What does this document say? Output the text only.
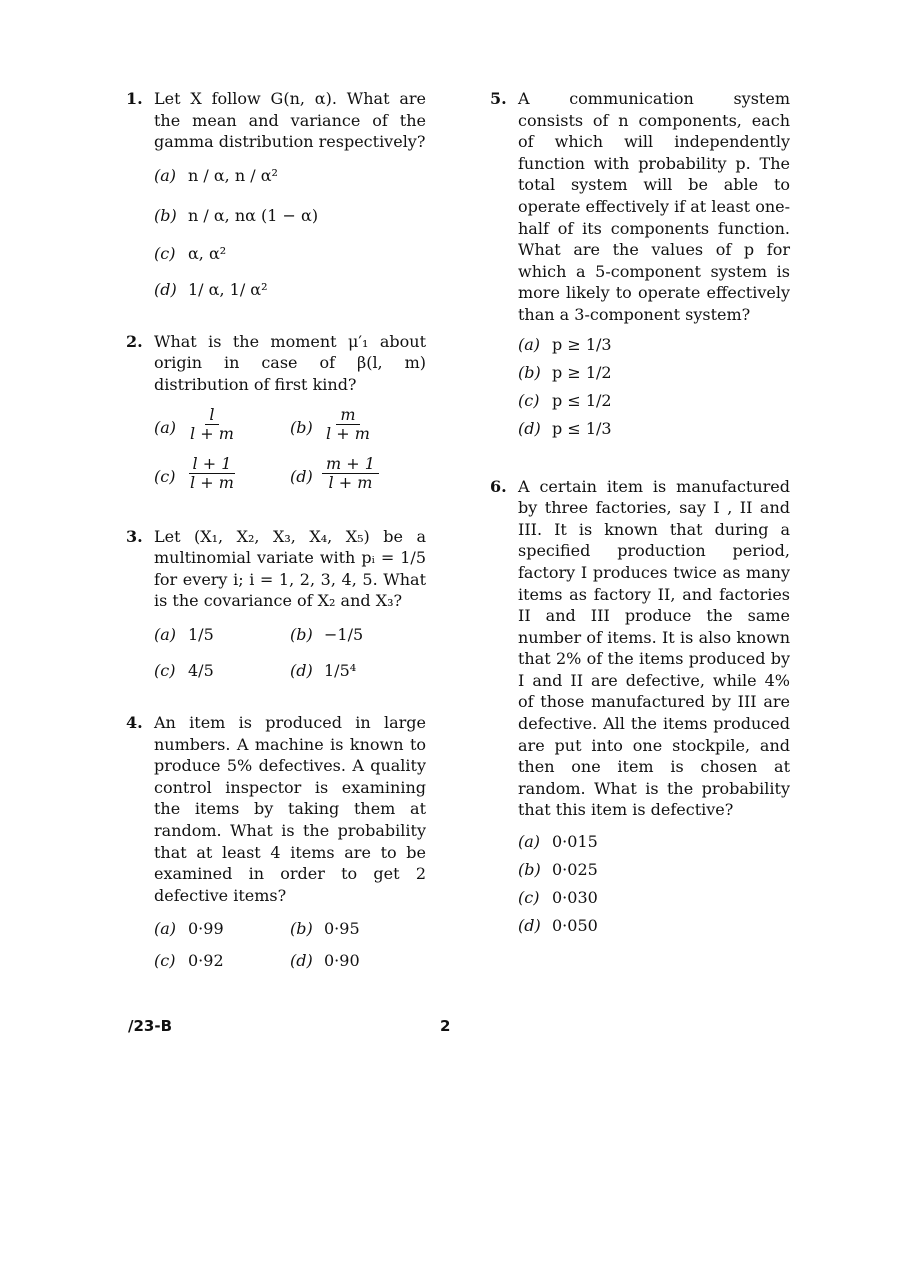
1. Let X follow G(n, α). What are the mean and variance of the gamma distribution respectively?
(a) n / α, n / α²
(b) n / α, nα (1 − α)
(c) α, α²
(d) 1/ α, 1/ α²
2. What is the moment μ′₁ about origin in case of β(l, m) distribution of first kind?
$(a) \frac{l}{l + m}$	$(b) \frac{m}{l + m}$
$(c) \frac{l + 1}{l + m}$	$(d) \frac{m + 1}{l + m}$
3. Let (X₁, X₂, X₃, X₄, X₅) be a multinomial variate with pᵢ = 1/5 for every i; i = 1, 2, 3, 4, 5. What is the covariance of X₂ and X₃?
(a) 1/5	(b) −1/5
(c) 4/5	(d) 1/5⁴
4. An item is produced in large numbers. A machine is known to produce 5% defectives. A quality control inspector is examining the items by taking them at random. What is the probability that at least 4 items are to be examined in order to get 2 defective items?
(a) 0·99	(b) 0·95
(c) 0·92	(d) 0·90
5. A communication system consists of n components, each of which will independently function with probability p. The total system will be able to operate effectively if at least one-half of its components function. What are the values of p for which a 5-component system is more likely to operate effectively than a 3-component system?
(a) p ≥ 1/3
(b) p ≥ 1/2
(c) p ≤ 1/2
(d) p ≤ 1/3
6. A certain item is manufactured by three factories, say I , II and III. It is known that during a specified production period, factory I produces twice as many items as factory II, and factories II and III produce the same number of items. It is also known that 2% of the items produced by I and II are defective, while 4% of those manufactured by III are defective. All the items produced are put into one stockpile, and then one item is chosen at random. What is the probability that this item is defective?
(a) 0·015
(b) 0·025
(c) 0·030
(d) 0·050
/23-B	2
